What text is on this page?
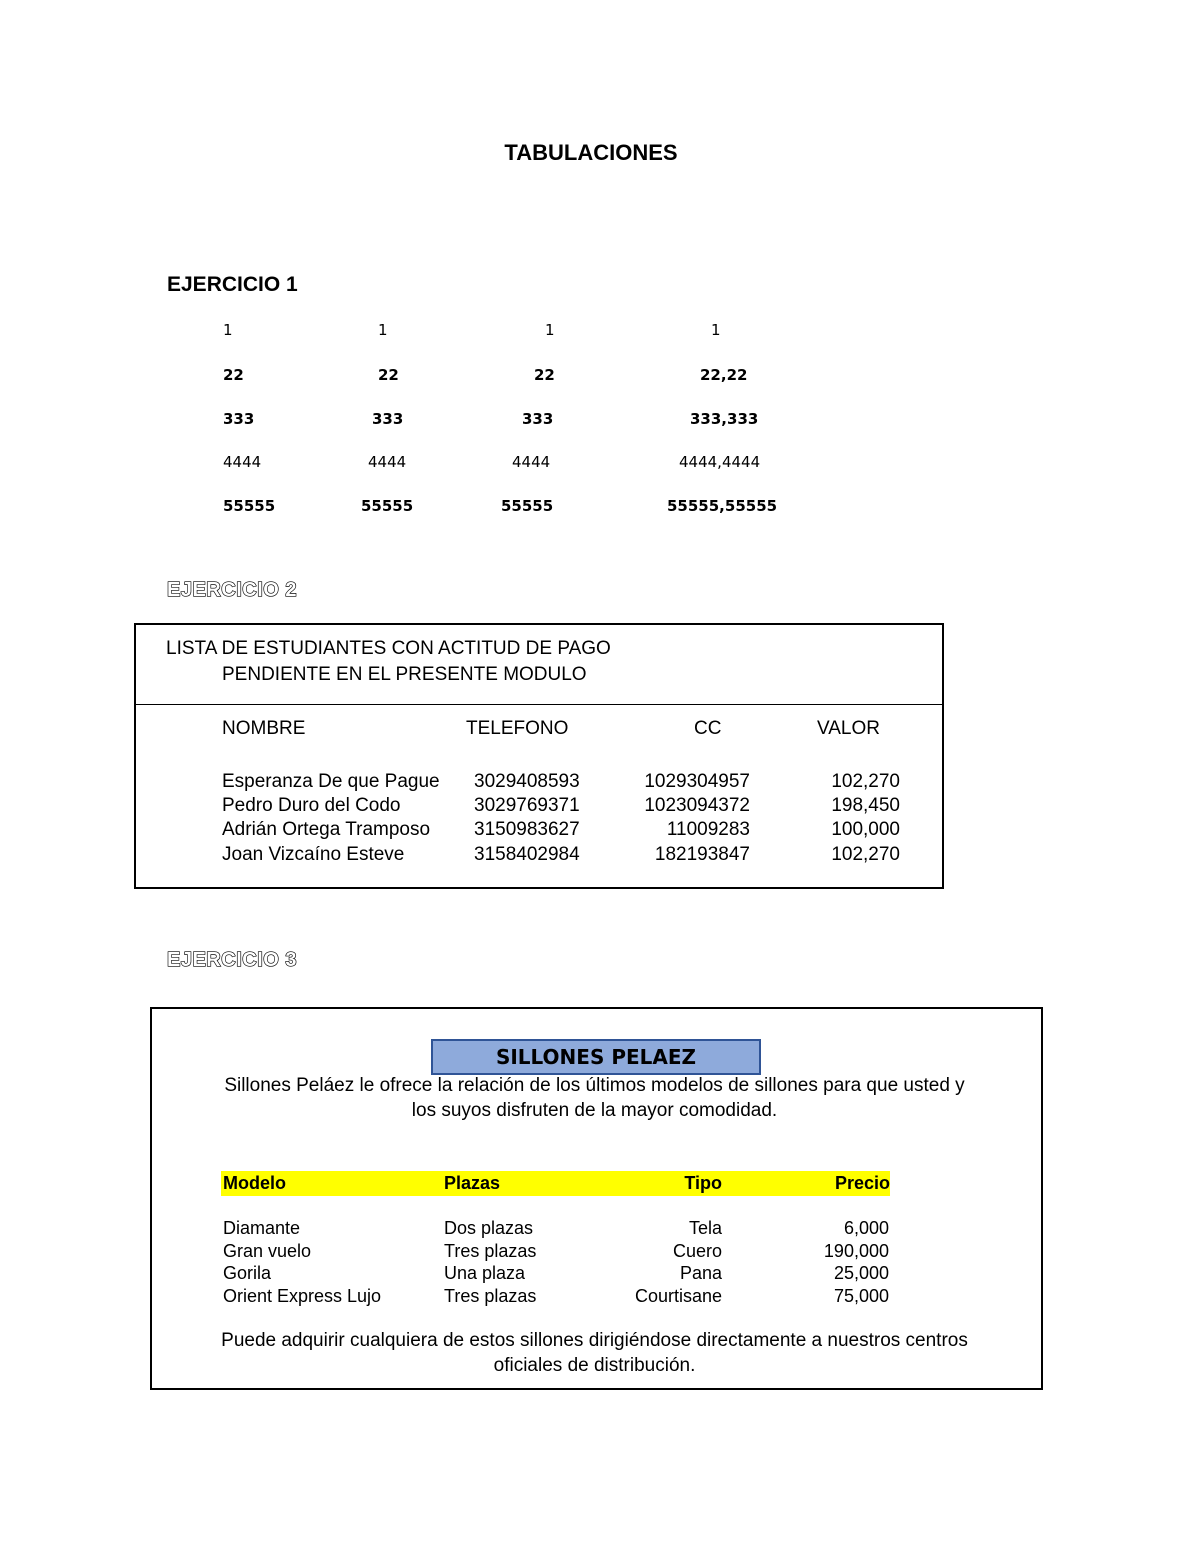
TABULACIONES
EJERCICIO 1
1	1	1	1
22	22	22	22,22
333	333	333	333,333
4444	4444	4444	4444,4444
55555	55555	55555	55555,55555
EJERCICIO 2
LISTA DE ESTUDIANTES CON ACTITUD DE PAGO
PENDIENTE EN EL PRESENTE MODULO
NOMBRE	TELEFONO	CC	VALOR
Esperanza De que Pague 3029408593	1029304957	102,270
Pedro Duro del Codo	3029769371	1023094372	198,450
Adrián Ortega Tramposo 3150983627	11009283	100,000
Joan Vizcaíno Esteve	3158402984	182193847	102,270
EJERCICIO 3
SILLONES PELAEZ
Sillones Peláez le ofrece la relación de los últimos modelos de sillones para que usted y
los suyos disfruten de la mayor comodidad.
Modelo	Plazas	Tipo	Precio
Diamante	Dos plazas	Tela	6,000
Gran vuelo	Tres plazas	Cuero	190,000
Gorila	Una plaza	Pana	25,000
Orient Express Lujo	Tres plazas	Courtisane	75,000
Puede adquirir cualquiera de estos sillones dirigiéndose directamente a nuestros centros
oficiales de distribución.
